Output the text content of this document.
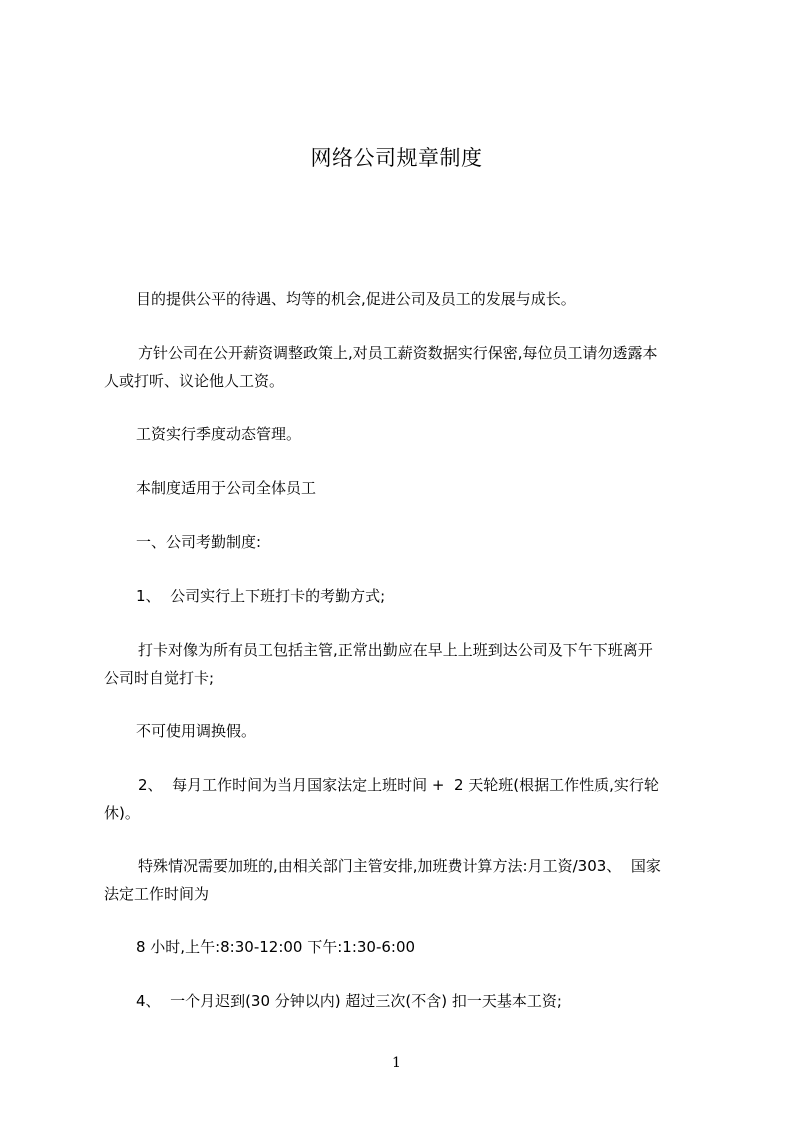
网络公司规章制度
目的提供公平的待遇、均等的机会,促进公司及员工的发展与成长。
方针公司在公开薪资调整政策上,对员工薪资数据实行保密,每位员工请勿透露本
人或打听、议论他人工资。
工资实行季度动态管理。
本制度适用于公司全体员工
一、公司考勤制度:
1、  公司实行上下班打卡的考勤方式;
打卡对像为所有员工包括主管,正常出勤应在早上上班到达公司及下午下班离开
公司时自觉打卡;
不可使用调换假。
2、  每月工作时间为当月国家法定上班时间 +  2 天轮班(根据工作性质,实行轮
休)。
特殊情况需要加班的,由相关部门主管安排,加班费计算方法:月工资/303、  国家
法定工作时间为
8 小时,上午:8:30-12:00 下午:1:30-6:00
4、  一个月迟到(30 分钟以内) 超过三次(不含) 扣一天基本工资;
1
